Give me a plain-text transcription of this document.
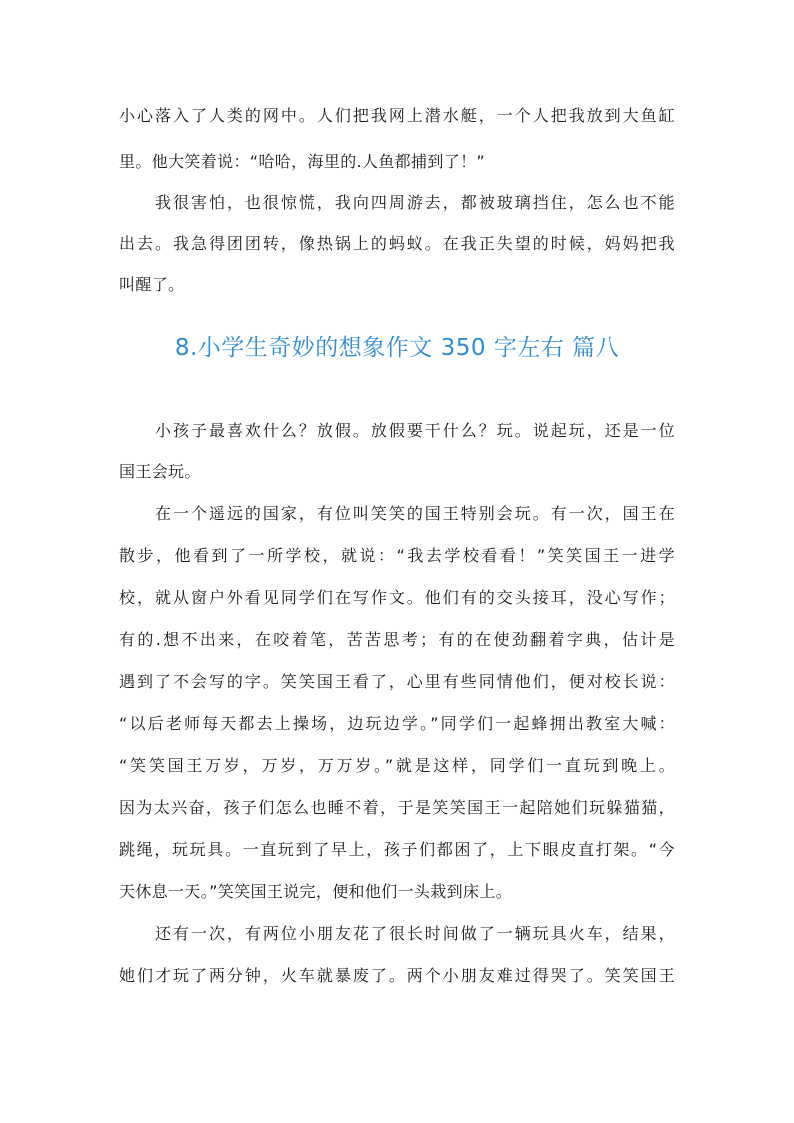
小心落入了人类的网中。人们把我网上潜水艇，一个人把我放到大鱼缸
里。他大笑着说：“哈哈，海里的.人鱼都捕到了！”
我很害怕，也很惊慌，我向四周游去，都被玻璃挡住，怎么也不能
出去。我急得团团转，像热锅上的蚂蚁。在我正失望的时候，妈妈把我
叫醒了。
8.小学生奇妙的想象作文 350 字左右 篇八
小孩子最喜欢什么？放假。放假要干什么？玩。说起玩，还是一位
国王会玩。
在一个遥远的国家，有位叫笑笑的国王特别会玩。有一次，国王在
散步，他看到了一所学校，就说：“我去学校看看！”笑笑国王一进学
校，就从窗户外看见同学们在写作文。他们有的交头接耳，没心写作；
有的.想不出来，在咬着笔，苦苦思考；有的在使劲翻着字典，估计是
遇到了不会写的字。笑笑国王看了，心里有些同情他们，便对校长说：
“以后老师每天都去上操场，边玩边学。”同学们一起蜂拥出教室大喊：
“笑笑国王万岁，万岁，万万岁。”就是这样，同学们一直玩到晚上。
因为太兴奋，孩子们怎么也睡不着，于是笑笑国王一起陪她们玩躲猫猫，
跳绳，玩玩具。一直玩到了早上，孩子们都困了，上下眼皮直打架。“今
天休息一天。”笑笑国王说完，便和他们一头栽到床上。
还有一次，有两位小朋友花了很长时间做了一辆玩具火车，结果，
她们才玩了两分钟，火车就暴废了。两个小朋友难过得哭了。笑笑国王
